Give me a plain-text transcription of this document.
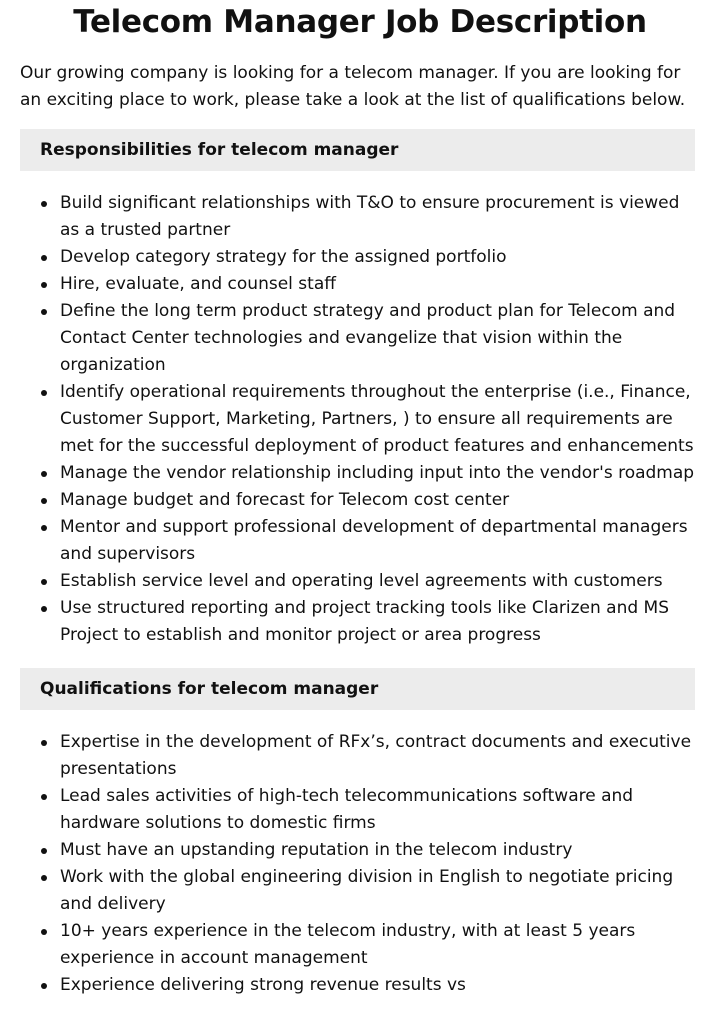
Telecom Manager Job Description

Our growing company is looking for a telecom manager. If you are looking for an exciting place to work, please take a look at the list of qualifications below.

Responsibilities for telecom manager
Build significant relationships with T&O to ensure procurement is viewed as a trusted partner
Develop category strategy for the assigned portfolio
Hire, evaluate, and counsel staff
Define the long term product strategy and product plan for Telecom and Contact Center technologies and evangelize that vision within the organization
Identify operational requirements throughout the enterprise (i.e., Finance, Customer Support, Marketing, Partners, ) to ensure all requirements are met for the successful deployment of product features and enhancements
Manage the vendor relationship including input into the vendor's roadmap
Manage budget and forecast for Telecom cost center
Mentor and support professional development of departmental managers and supervisors
Establish service level and operating level agreements with customers
Use structured reporting and project tracking tools like Clarizen and MS Project to establish and monitor project or area progress
Qualifications for telecom manager
Expertise in the development of RFx’s, contract documents and executive presentations
Lead sales activities of high-tech telecommunications software and hardware solutions to domestic firms
Must have an upstanding reputation in the telecom industry
Work with the global engineering division in English to negotiate pricing and delivery
10+ years experience in the telecom industry, with at least 5 years experience in account management
Experience delivering strong revenue results vs
